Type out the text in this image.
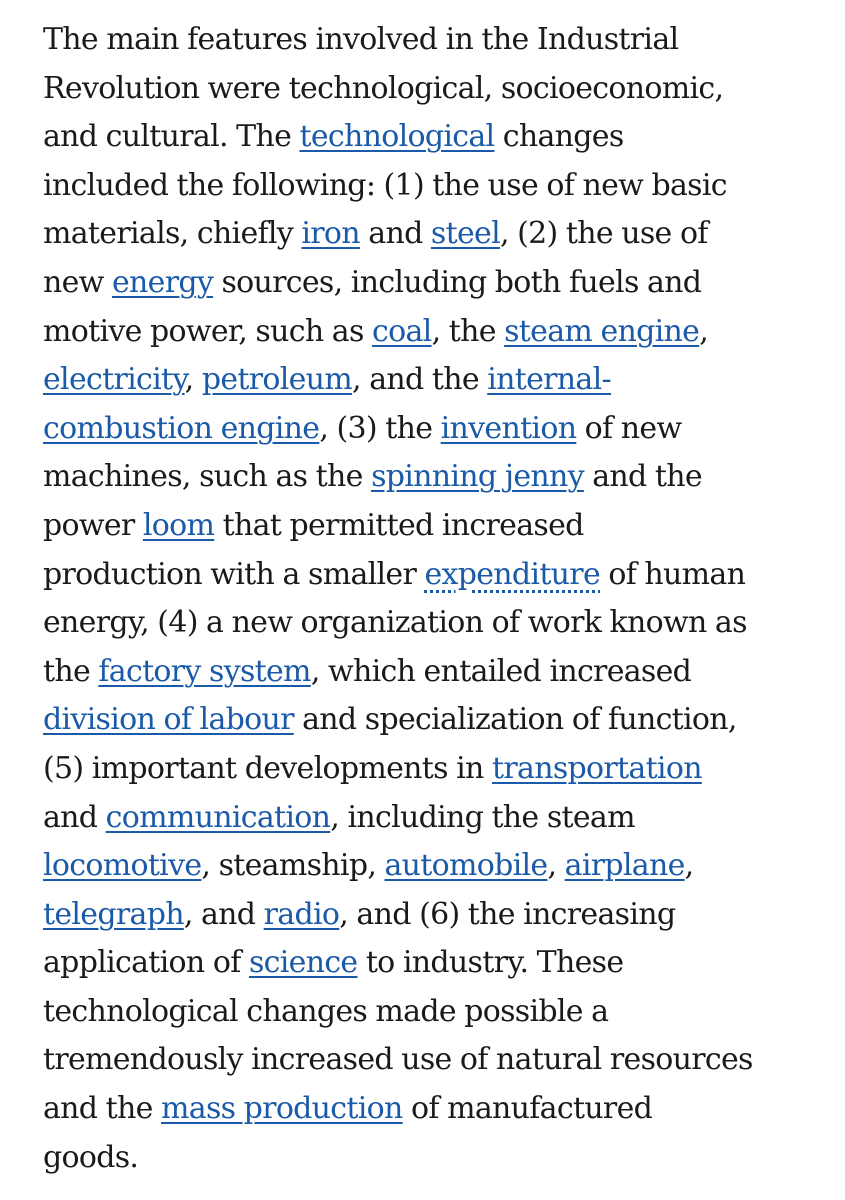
The main features involved in the Industrial
Revolution were technological, socioeconomic,
and cultural. The technological changes
included the following: (1) the use of new basic
materials, chiefly iron and steel, (2) the use of
new energy sources, including both fuels and
motive power, such as coal, the steam engine,
electricity, petroleum, and the internal-
combustion engine, (3) the invention of new
machines, such as the spinning jenny and the
power loom that permitted increased
production with a smaller expenditure of human
energy, (4) a new organization of work known as
the factory system, which entailed increased
division of labour and specialization of function,
(5) important developments in transportation
and communication, including the steam
locomotive, steamship, automobile, airplane,
telegraph, and radio, and (6) the increasing
application of science to industry. These
technological changes made possible a
tremendously increased use of natural resources
and the mass production of manufactured
goods.
